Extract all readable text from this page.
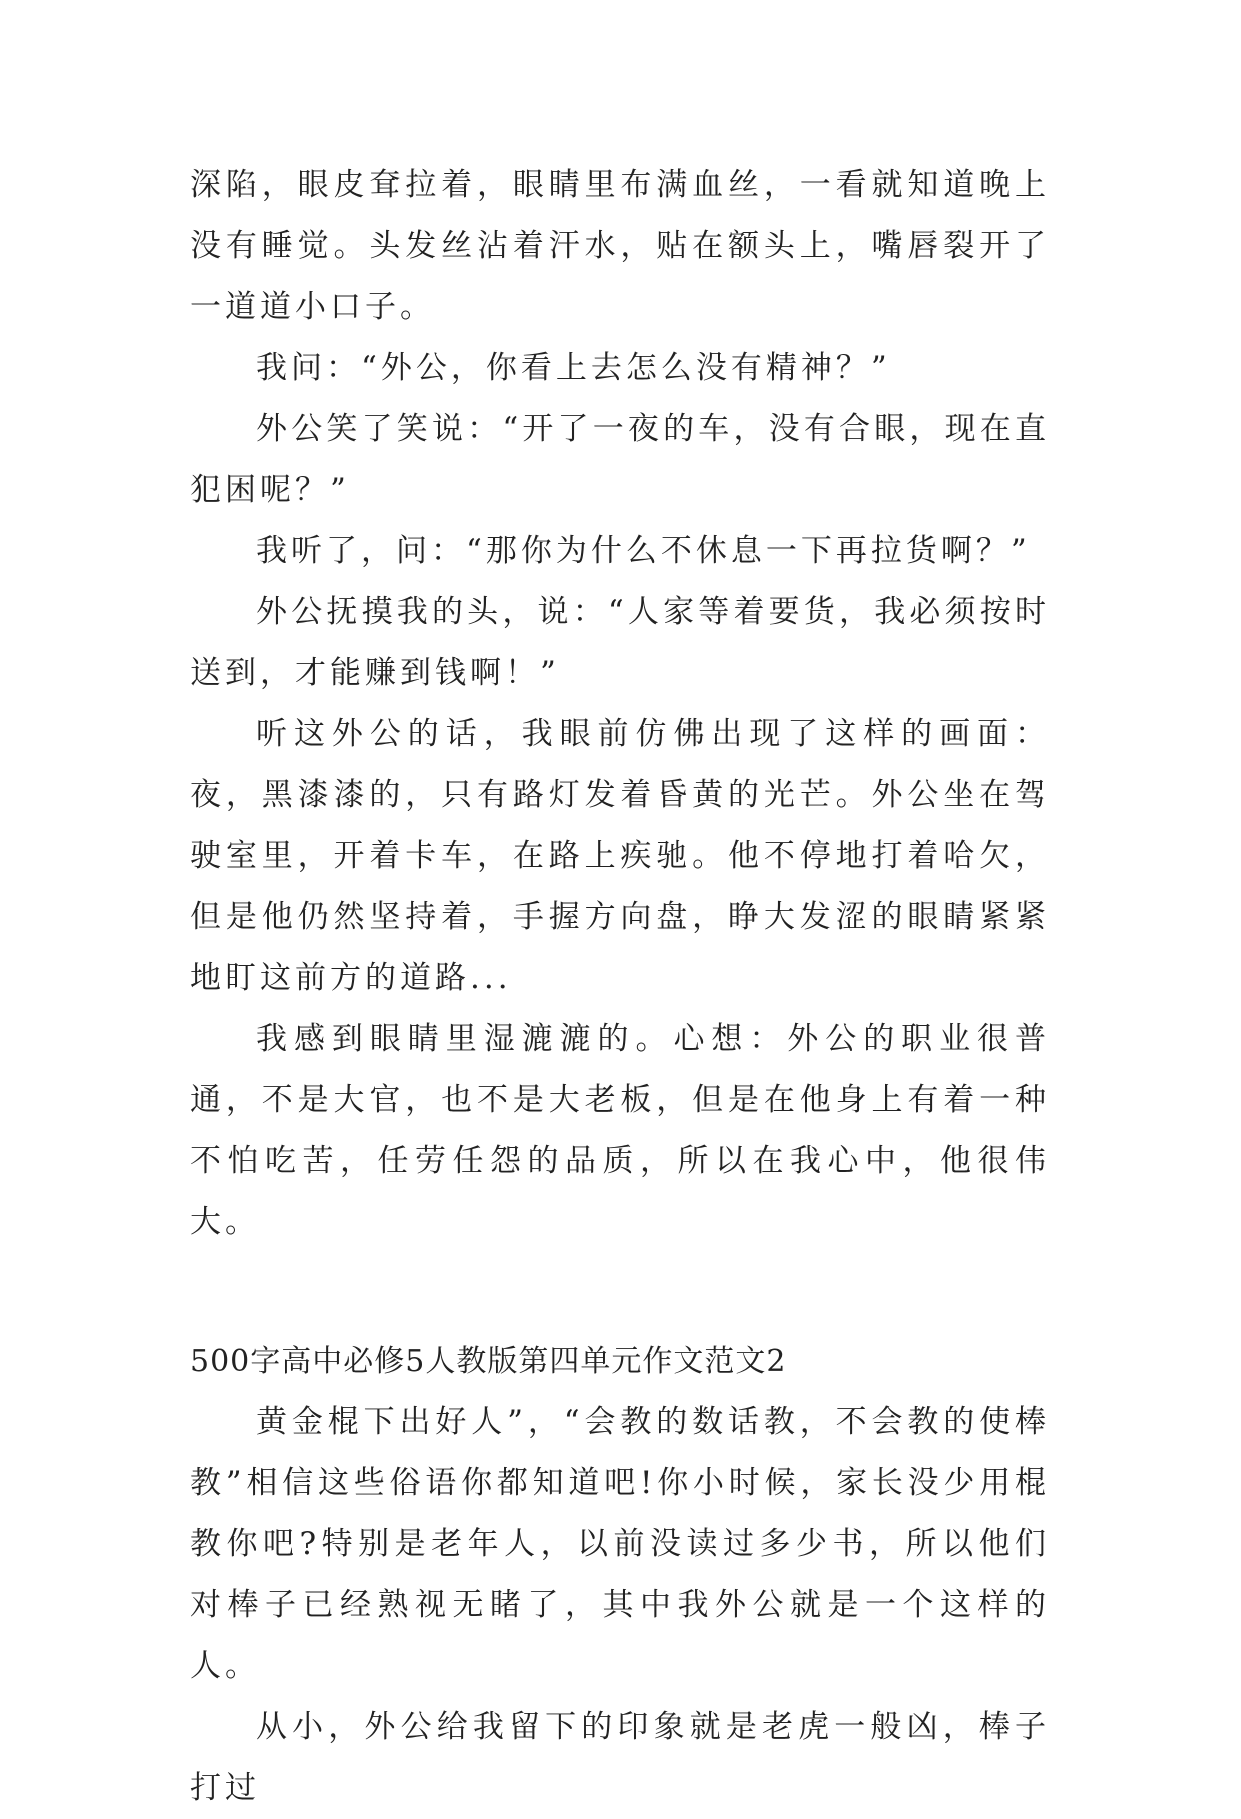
深陷，眼皮耷拉着，眼睛里布满血丝，一看就知道晚上没有睡觉。头发丝沾着汗水，贴在额头上，嘴唇裂开了一道道小口子。

我问：“外公，你看上去怎么没有精神？”

外公笑了笑说：“开了一夜的车，没有合眼，现在直犯困呢？”

我听了，问：“那你为什么不休息一下再拉货啊？”

外公抚摸我的头，说：“人家等着要货，我必须按时送到，才能赚到钱啊！”

听这外公的话，我眼前仿佛出现了这样的画面：夜，黑漆漆的，只有路灯发着昏黄的光芒。外公坐在驾驶室里，开着卡车，在路上疾驰。他不停地打着哈欠，但是他仍然坚持着，手握方向盘，睁大发涩的眼睛紧紧地盯这前方的道路...

我感到眼睛里湿漉漉的。心想：外公的职业很普通，不是大官，也不是大老板，但是在他身上有着一种不怕吃苦，任劳任怨的品质，所以在我心中，他很伟大。

500字高中必修5人教版第四单元作文范文2

黄金棍下出好人”，“会教的数话教，不会教的使棒教”相信这些俗语你都知道吧!你小时候，家长没少用棍教你吧?特别是老年人，以前没读过多少书，所以他们对棒子已经熟视无睹了，其中我外公就是一个这样的人。

从小，外公给我留下的印象就是老虎一般凶，棒子打过
